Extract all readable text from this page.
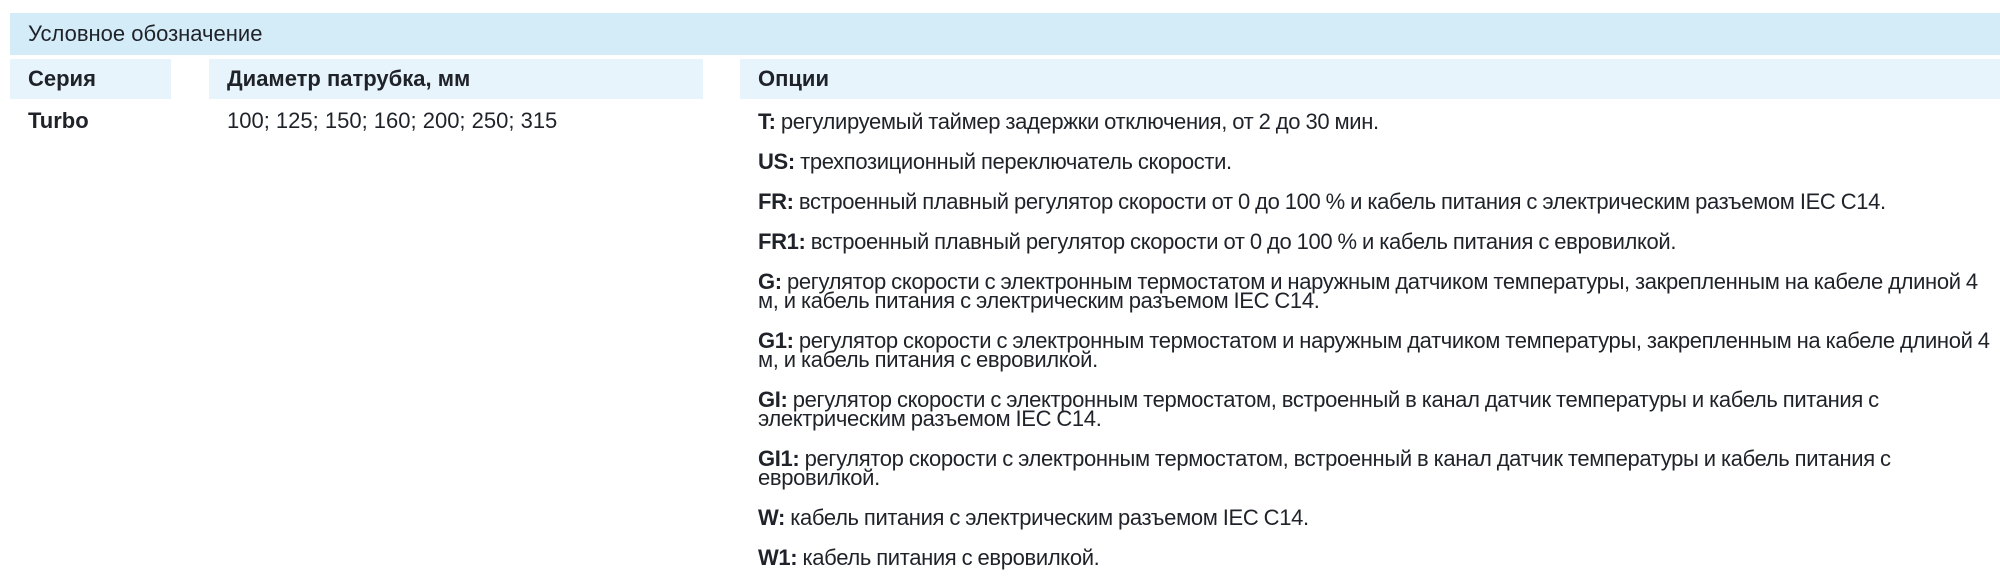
Условное обозначение
Серия	Диаметр патрубка, мм	Опции
Turbo	100; 125; 150; 160; 200; 250; 315	T: регулируемый таймер задержки отключения, от 2 до 30 мин.
US: трехпозиционный переключатель скорости.
FR: встроенный плавный регулятор скорости от 0 до 100 % и кабель питания с электрическим разъемом IEC C14.
FR1: встроенный плавный регулятор скорости от 0 до 100 % и кабель питания с евровилкой.
G: регулятор скорости с электронным термостатом и наружным датчиком температуры, закрепленным на кабеле длиной 4 м, и кабель питания с электрическим разъемом IEC C14.
G1: регулятор скорости с электронным термостатом и наружным датчиком температуры, закрепленным на кабеле длиной 4 м, и кабель питания с евровилкой.
GI: регулятор скорости с электронным термостатом, встроенный в канал датчик температуры и кабель питания с электрическим разъемом IEC C14.
GI1: регулятор скорости с электронным термостатом, встроенный в канал датчик температуры и кабель питания с евровилкой.
W: кабель питания с электрическим разъемом IEC C14.
W1: кабель питания с евровилкой.
